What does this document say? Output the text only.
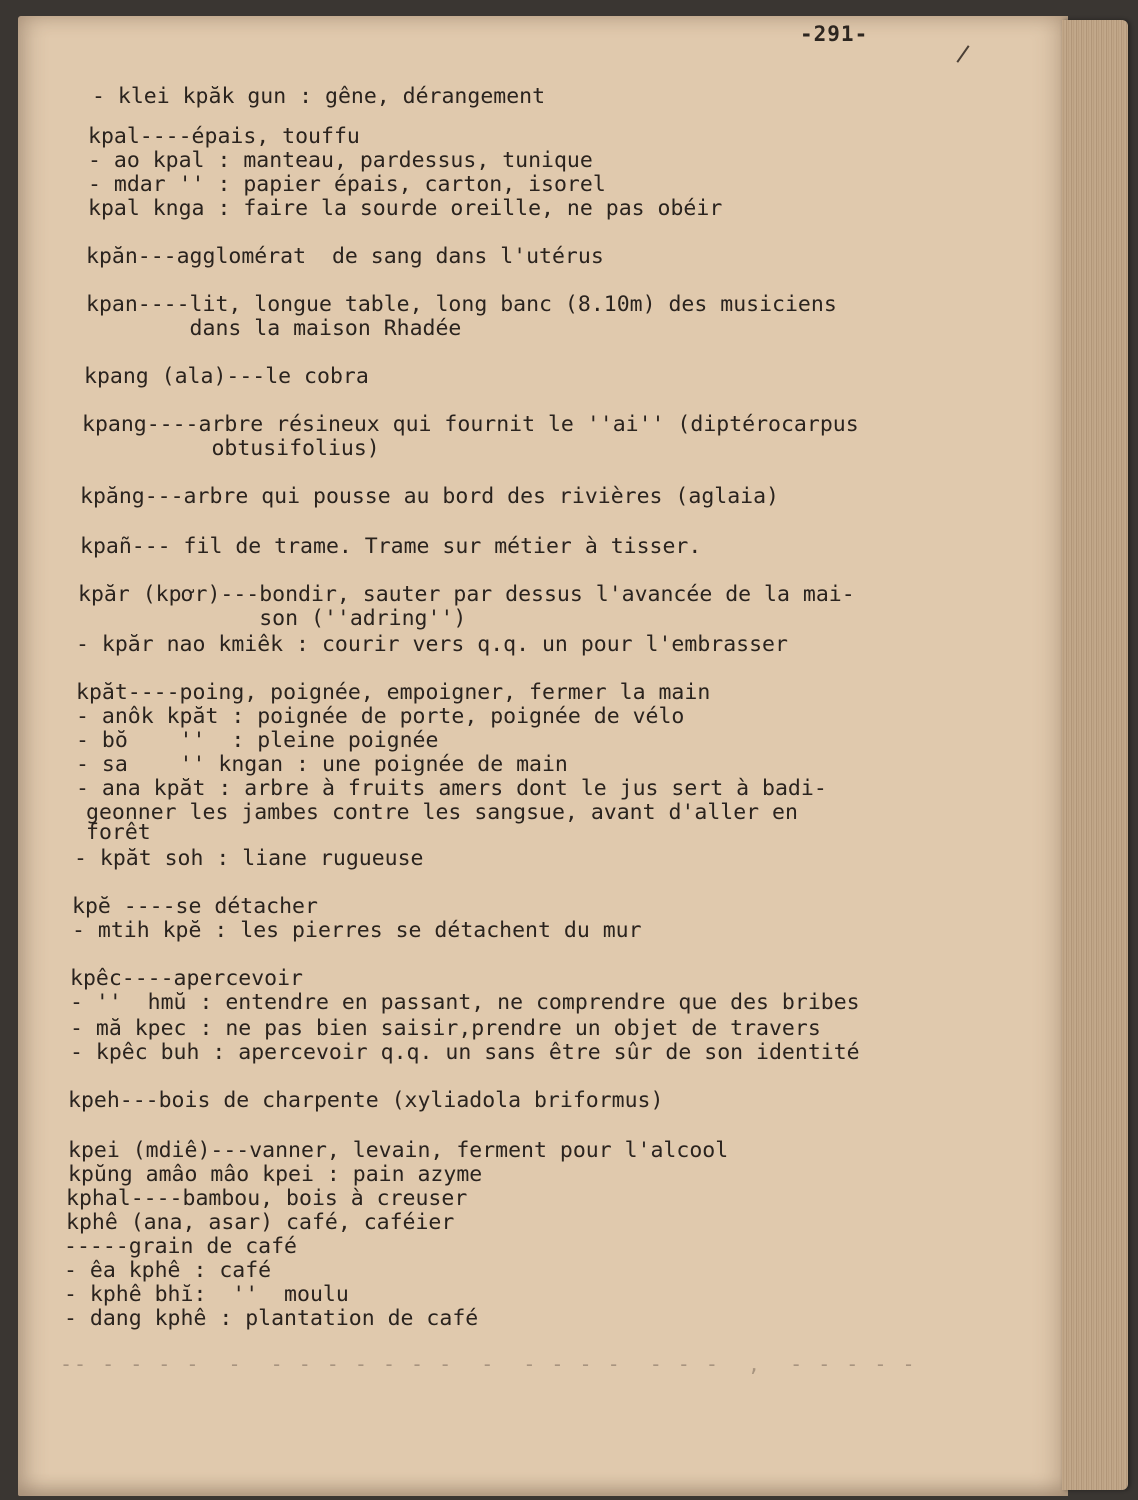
-291-
- klei kpăk gun : gêne, dérangement
kpal----épais, touffu
- ao kpal : manteau, pardessus, tunique
- mdar '' : papier épais, carton, isorel
kpal knga : faire la sourde oreille, ne pas obéir
kpăn---agglomérat  de sang dans l'utérus
kpan----lit, longue table, long banc (8.10m) des musiciens
dans la maison Rhadée
kpang (ala)---le cobra
kpang----arbre résineux qui fournit le ''ai'' (diptérocarpus
obtusifolius)
kpăng---arbre qui pousse au bord des rivières (aglaia)
kpañ--- fil de trame. Trame sur métier à tisser.
kpăr (kpơr)---bondir, sauter par dessus l'avancée de la mai-
son (''adring'')
- kpăr nao kmiêk : courir vers q.q. un pour l'embrasser
kpăt----poing, poignée, empoigner, fermer la main
- anôk kpăt : poignée de porte, poignée de vélo
- bŏ    ''  : pleine poignée
- sa    '' kngan : une poignée de main
- ana kpăt : arbre à fruits amers dont le jus sert à badi-
geonner les jambes contre les sangsue, avant d'aller en
forêt
- kpăt soh : liane rugueuse
kpĕ ----se détacher
- mtih kpĕ : les pierres se détachent du mur
kpêc----apercevoir
- ''  hmŭ : entendre en passant, ne comprendre que des bribes
- mă kpec : ne pas bien saisir,prendre un objet de travers
- kpêc buh : apercevoir q.q. un sans être sûr de son identité
kpeh---bois de charpente (xyliadola briformus)
kpei (mdiê)---vanner, levain, ferment pour l'alcool
kpŭng amâo mâo kpei : pain azyme
kphal----bambou, bois à creuser
kphê (ana, asar) café, caféier
-----grain de café
- êa kphê : café
- kphê bhĭ:  ''  moulu
- dang kphê : plantation de café
-- - - - -  -  - - - - - - -  -  - - - -  - - -  ,  - - - - -
